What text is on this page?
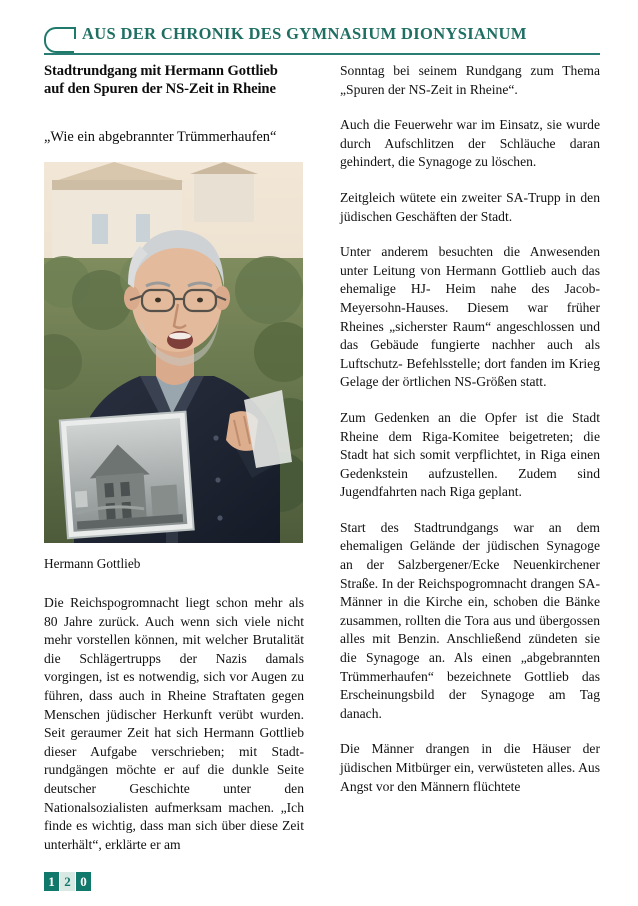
AUS DER CHRONIK DES GYMNASIUM DIONYSIANUM
Stadtrundgang mit Hermann Gottlieb
auf den Spuren der NS-Zeit in Rheine
„Wie ein abgebrannter Trümmerhaufen“
Hermann Gottlieb

Die Reichspogromnacht liegt schon mehr als 80 Jahre zurück. Auch wenn sich viele nicht mehr vorstellen können, mit welcher Brutalität die Schlägertrupps der Nazis damals vorgingen, ist es notwendig, sich vor Augen zu führen, dass auch in Rheine Straftaten gegen Menschen jüdischer Herkunft verübt wurden. Seit geraumer Zeit hat sich Hermann Gottlieb dieser Aufgabe verschrieben; mit Stadtrundgängen möchte er auf die dunkle Seite deutscher Geschichte unter den Nationalsozialisten aufmerksam machen. „Ich finde es wichtig, dass man sich über diese Zeit unterhält“, erklärte er am

Sonntag bei seinem Rundgang zum Thema „Spuren der NS-Zeit in Rheine“.

Auch die Feuerwehr war im Einsatz, sie wurde durch Aufschlitzen der Schläuche daran gehindert, die Synagoge zu löschen.

Zeitgleich wütete ein zweiter SA-Trupp in den jüdischen Geschäften der Stadt.

Unter anderem besuchten die Anwesenden unter Leitung von Hermann Gottlieb auch das ehemalige HJ- Heim nahe des Jacob-Meyersohn-Hauses. Diesem war früher Rheines „sicherster Raum“ angeschlossen und das Gebäude fungierte nachher auch als Luftschutz- Befehlsstelle; dort fanden im Krieg Gelage der örtlichen NS-Größen statt.

Zum Gedenken an die Opfer ist die Stadt Rheine dem Riga-Komitee beigetreten; die Stadt hat sich somit verpflichtet, in Riga einen Gedenkstein aufzustellen. Zudem sind Jugendfahrten nach Riga geplant.

Start des Stadtrundgangs war an dem ehemaligen Gelände der jüdischen Synagoge an der Salzbergener/Ecke Neuenkirchener Straße. In der Reichspogromnacht drangen SA-Männer in die Kirche ein, schoben die Bänke zusammen, rollten die Tora aus und übergossen alles mit Benzin. Anschließend zündeten sie die Synagoge an. Als einen „abgebrannten Trümmerhaufen“ bezeichnete Gottlieb das Erscheinungsbild der Synagoge am Tag danach.

Die Männer drangen in die Häuser der jüdischen Mitbürger ein, verwüsteten alles. Aus Angst vor den Männern flüchtete

1 2 0
